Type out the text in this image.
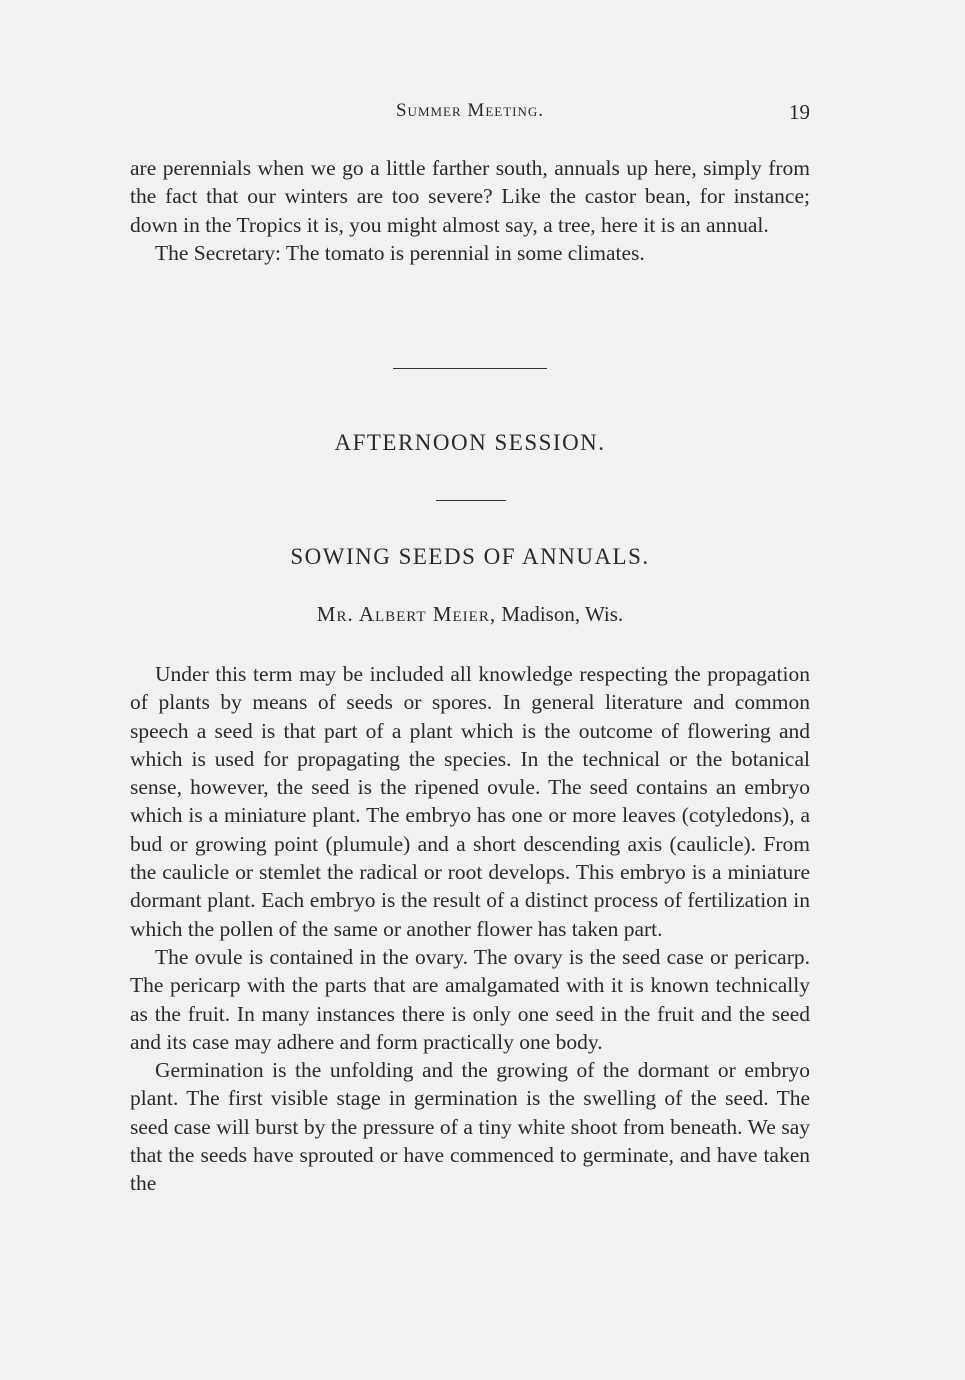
Summer Meeting.	19

are perennials when we go a little farther south, annuals up here, simply from the fact that our winters are too severe? Like the castor bean, for instance; down in the Tropics it is, you might almost say, a tree, here it is an annual.

The Secretary: The tomato is perennial in some climates.

AFTERNOON SESSION.
SOWING SEEDS OF ANNUALS.
Mr. Albert Meier, Madison, Wis.

Under this term may be included all knowledge respecting the propagation of plants by means of seeds or spores. In general literature and common speech a seed is that part of a plant which is the outcome of flowering and which is used for propagating the species. In the technical or the botanical sense, however, the seed is the ripened ovule. The seed contains an embryo which is a miniature plant. The embryo has one or more leaves (cotyledons), a bud or growing point (plumule) and a short descending axis (caulicle). From the caulicle or stemlet the radical or root develops. This embryo is a miniature dormant plant. Each embryo is the result of a distinct process of fertilization in which the pollen of the same or another flower has taken part.

The ovule is contained in the ovary. The ovary is the seed case or pericarp. The pericarp with the parts that are amalgamated with it is known technically as the fruit. In many instances there is only one seed in the fruit and the seed and its case may adhere and form practically one body.

Germination is the unfolding and the growing of the dormant or embryo plant. The first visible stage in germination is the swelling of the seed. The seed case will burst by the pressure of a tiny white shoot from beneath. We say that the seeds have sprouted or have commenced to germinate, and have taken the
